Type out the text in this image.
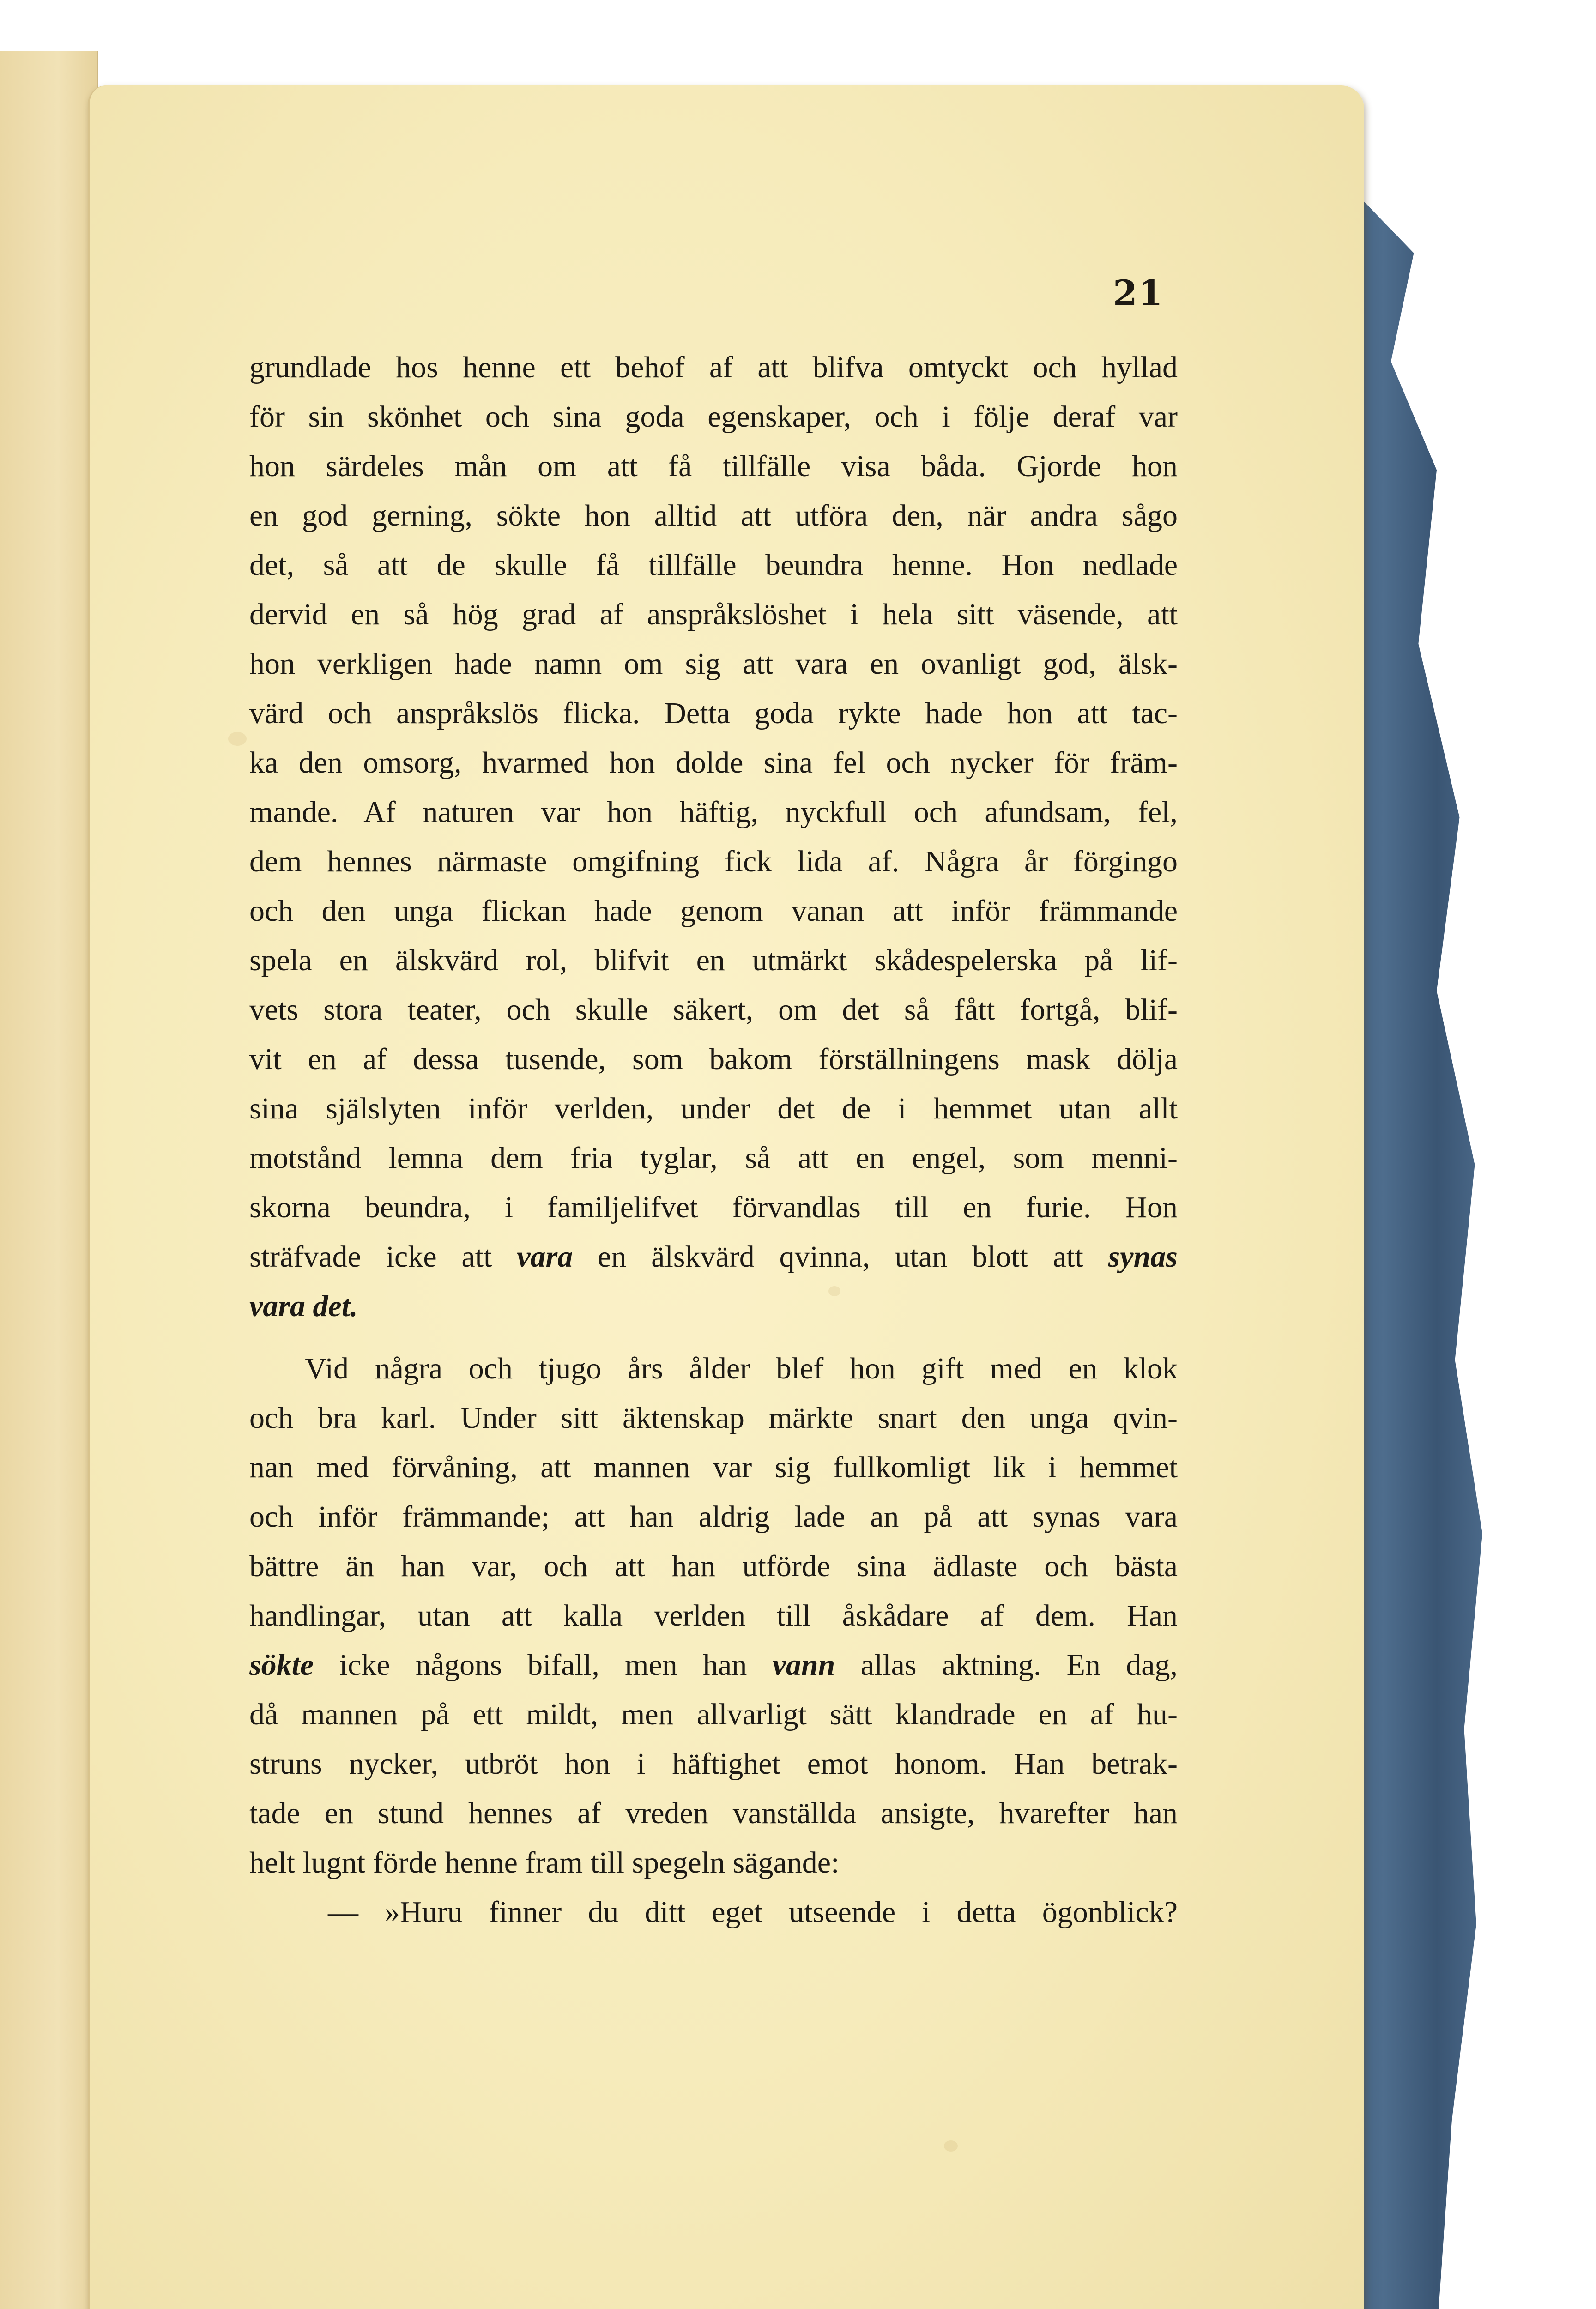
21
grundlade hos henne ett behof af att blifva omtyckt och hyllad
för sin skönhet och sina goda egenskaper, och i följe deraf var
hon särdeles mån om att få tillfälle visa båda. Gjorde hon
en god gerning, sökte hon alltid att utföra den, när andra sågo
det, så att de skulle få tillfälle beundra henne. Hon nedlade
dervid en så hög grad af anspråkslöshet i hela sitt väsende, att
hon verkligen hade namn om sig att vara en ovanligt god, älsk-
värd och anspråkslös flicka. Detta goda rykte hade hon att tac-
ka den omsorg, hvarmed hon dolde sina fel och nycker för främ-
mande. Af naturen var hon häftig, nyckfull och afundsam, fel,
dem hennes närmaste omgifning fick lida af. Några år förgingo
och den unga flickan hade genom vanan att inför främmande
spela en älskvärd rol, blifvit en utmärkt skådespelerska på lif-
vets stora teater, och skulle säkert, om det så fått fortgå, blif-
vit en af dessa tusende, som bakom förställningens mask dölja
sina själslyten inför verlden, under det de i hemmet utan allt
motstånd lemna dem fria tyglar, så att en engel, som menni-
skorna beundra, i familjelifvet förvandlas till en furie. Hon
sträfvade icke att vara en älskvärd qvinna, utan blott att synas
vara det.
Vid några och tjugo års ålder blef hon gift med en klok
och bra karl. Under sitt äktenskap märkte snart den unga qvin-
nan med förvåning, att mannen var sig fullkomligt lik i hemmet
och inför främmande; att han aldrig lade an på att synas vara
bättre än han var, och att han utförde sina ädlaste och bästa
handlingar, utan att kalla verlden till åskådare af dem. Han
sökte icke någons bifall, men han vann allas aktning. En dag,
då mannen på ett mildt, men allvarligt sätt klandrade en af hu-
struns nycker, utbröt hon i häftighet emot honom. Han betrak-
tade en stund hennes af vreden vanställda ansigte, hvarefter han
helt lugnt förde henne fram till spegeln sägande:
— »Huru finner du ditt eget utseende i detta ögonblick?
